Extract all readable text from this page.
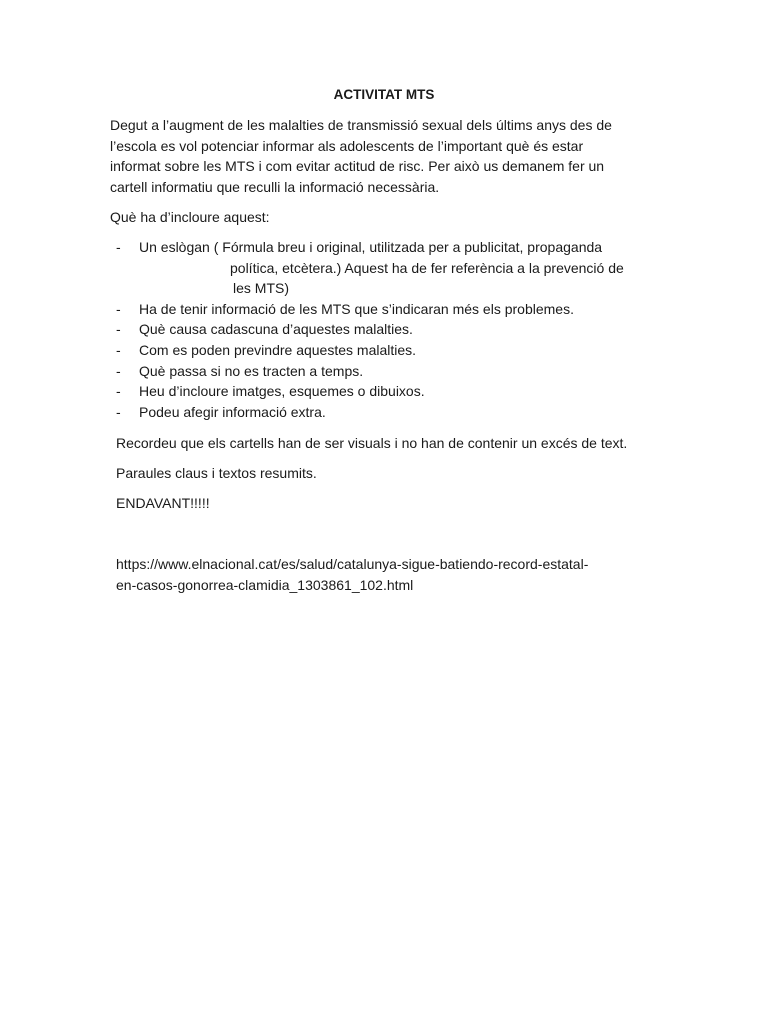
ACTIVITAT MTS

Degut a l’augment de les malalties de transmissió sexual dels últims anys des de

l’escola es vol potenciar informar als adolescents de l’important què és estar

informat sobre les MTS i com evitar actitud de risc. Per això us demanem fer un

cartell informatiu que reculli la informació necessària.

Què ha d’incloure aquest:
- Un eslògan ( Fórmula breu i original, utilitzada per a publicitat, propaganda
política, etcètera.) Aquest ha de fer referència a la prevenció de
les MTS)
- Ha de tenir informació de les MTS que s’indicaran més els problemes.
- Què causa cadascuna d’aquestes malalties.
- Com es poden previndre aquestes malalties.
- Què passa si no es tracten a temps.
- Heu d’incloure imatges, esquemes o dibuixos.
- Podeu afegir informació extra.
Recordeu que els cartells han de ser visuals i no han de contenir un excés de text.
Paraules claus i textos resumits.
ENDAVANT!!!!!
https://www.elnacional.cat/es/salud/catalunya-sigue-batiendo-record-estatal-
en-casos-gonorrea-clamidia_1303861_102.html
